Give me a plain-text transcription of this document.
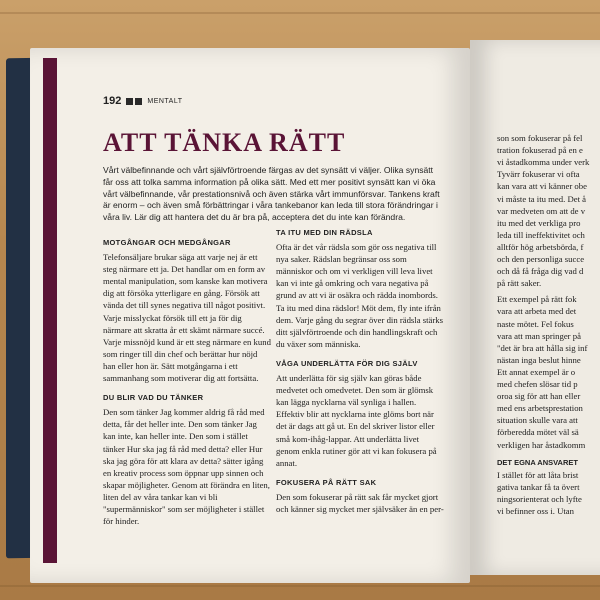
192	MENTALT
ATT TÄNKA RÄTT
Vårt välbefinnande och vårt självförtroende färgas av det synsätt vi väljer. Olika synsätt får oss att tolka samma information på olika sätt. Med ett mer positivt synsätt kan vi öka vårt välbefinnande, vår prestationsnivå och även stärka vårt immunförsvar. Tankens kraft är enorm – och även små förbättringar i våra tankebanor kan leda till stora förändringar i våra liv. Lär dig att hantera det du är bra på, acceptera det du inte kan förändra.
MOTGÅNGAR OCH MEDGÅNGAR
Telefonsäljare brukar säga att varje nej är ett steg närmare ett ja. Det handlar om en form av mental manipulation, som kanske kan motivera dig att försöka ytterligare en gång. Försök att vända det till synes negativa till något positivt. Varje misslyckat försök till ett ja för dig närmare att skratta år ett skämt närmare succé. Varje missnöjd kund är ett steg närmare en kund som ringer till din chef och berättar hur nöjd han eller hon är. Sätt motgångarna i ett sammanhang som motiverar dig att fortsätta.
DU BLIR VAD DU TÄNKER
Den som tänker Jag kommer aldrig få råd med detta, får det heller inte. Den som tänker Jag kan inte, kan heller inte. Den som i stället tänker Hur ska jag få råd med detta? eller Hur ska jag göra för att klara av detta? sätter igång en kreativ process som öppnar upp sinnen och skapar möjligheter. Genom att förändra en liten, liten del av våra tankar kan vi bli "supermänniskor" som ser möjligheter i stället för hinder.
TA ITU MED DIN RÄDSLA
Ofta är det vår rädsla som gör oss negativa till nya saker. Rädslan begränsar oss som människor och om vi verkligen vill leva livet kan vi inte gå omkring och vara negativa på grund av att vi är osäkra och rädda inombords. Ta itu med dina rädslor! Möt dem, fly inte ifrån dem. Varje gång du segrar över din rädsla stärks ditt självförtroende och din handlingskraft och du växer som människa.
VÅGA UNDERLÄTTA FÖR DIG SJÄLV
Att underlätta för sig själv kan göras både medvetet och omedvetet. Den som är glömsk kan lägga nycklarna väl synliga i hallen. Effektiv blir att nycklarna inte glöms bort när det är dags att gå ut. En del skriver listor eller små kom-ihåg-lappar. Att underlätta livet genom enkla rutiner gör att vi kan fokusera på annat.
FOKUSERA PÅ RÄTT SAK
Den som fokuserar på rätt sak får mycket gjort och känner sig mycket mer självsäker än en per-
son som fokuserar på fel
tration fokuserad på en e
vi åstadkomma under verk
Tyvärr fokuserar vi ofta
kan vara att vi känner obe
vi måste ta itu med. Det å
var medveten om att de v
itu med det verkliga pro
leda till ineffektivitet och
alltför hög arbetsbörda, f
och den personliga succe
och då få fråga dig vad d
på rätt saker.
Ett exempel på rätt fok
vara att arbeta med det
naste mötet. Fel fokus
vara att man springer på
"det är bra att hålla sig inf
nästan inga beslut hinne
Ett annat exempel är o
med chefen slösar tid p
oroa sig för att han eller
med ens arbetsprestation
situation skulle vara att
förberedda mötet väl sä
verkligen har åstadkomm
DET EGNA ANSVARET
I stället för att låta brist
gativa tankar få ta övert
ningsorienterat och lyfte
vi befinner oss i. Utan
